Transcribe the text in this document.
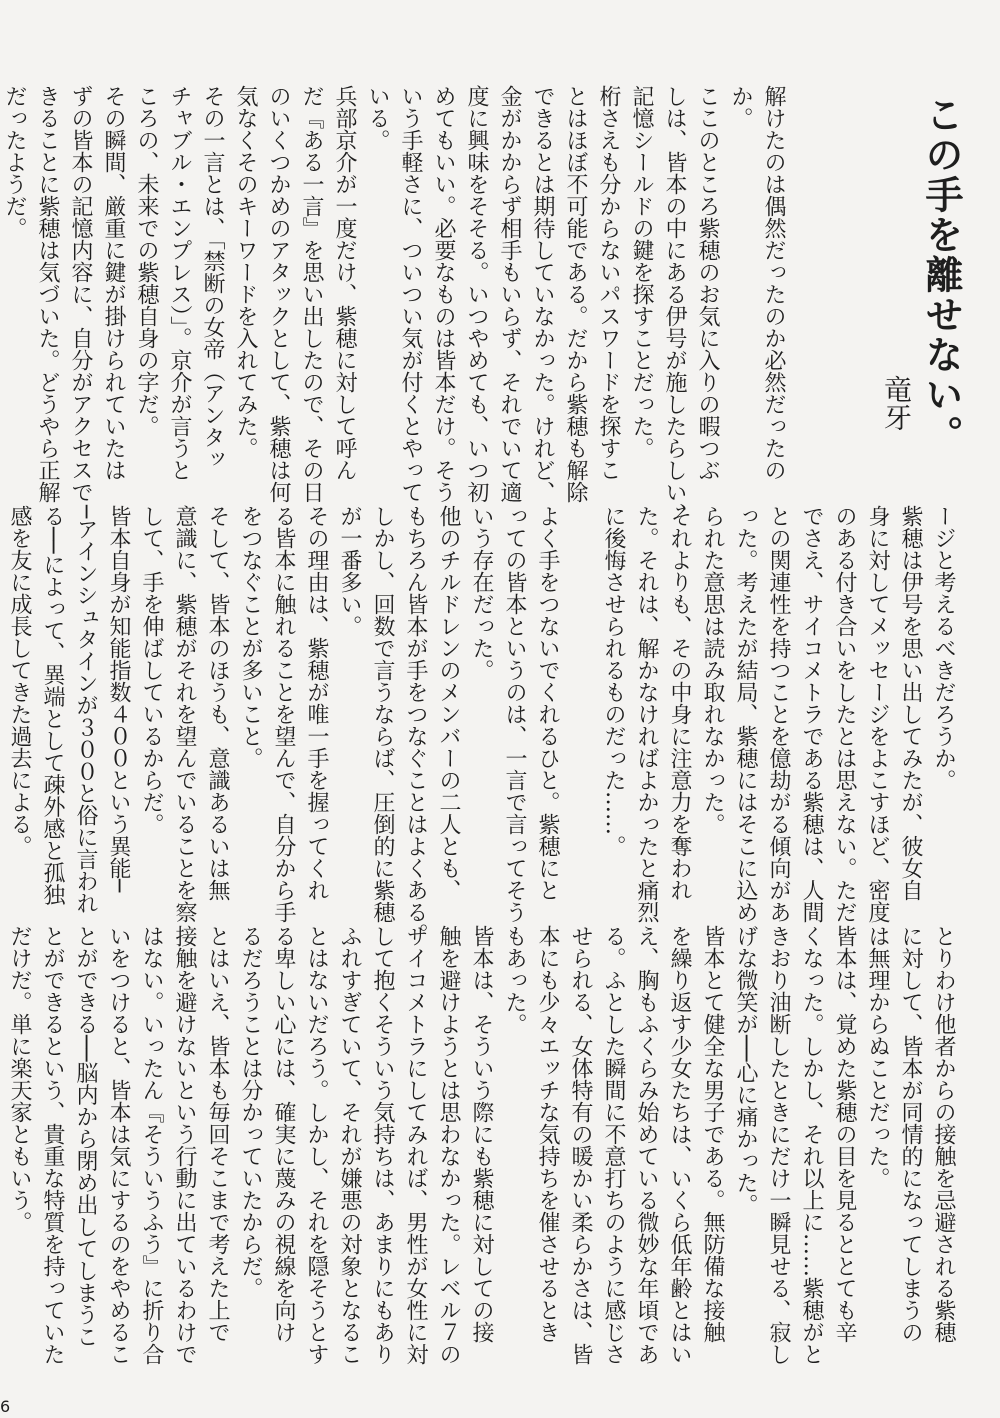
この手を離せない。

竜牙

解けたのは偶然だったのか必然だったの

か。

ここのところ紫穂のお気に入りの暇つぶ

しは、皆本の中にある伊号が施したらしい、

記憶シールドの鍵を探すことだった。

桁さえも分からないパスワードを探すこ

とはほぼ不可能である。だから紫穂も解除

できるとは期待していなかった。けれど、

金がかからず相手もいらず、それでいて適

度に興味をそそる。いつやめても、いつ初

めてもいい。必要なものは皆本だけ。そう

いう手軽さに、ついつい気が付くとやって

いる。

兵部京介が一度だけ、紫穂に対して呼ん

だ『ある一言』を思い出したので、その日

のいくつかめのアタックとして、紫穂は何

気なくそのキーワードを入れてみた。

その一言とは、「禁断の女帝（アンタッ

チャブル・エンプレス）」。京介が言うと

ころの、未来での紫穂自身の字だ。

その瞬間、厳重に鍵が掛けられていたは

ずの皆本の記憶内容に、自分がアクセスで

きることに紫穂は気づいた。どうやら正解

だったようだ。

ージと考えるべきだろうか。

紫穂は伊号を思い出してみたが、彼女自

身に対してメッセージをよこすほど、密度

のある付き合いをしたとは思えない。ただ

でさえ、サイコメトラである紫穂は、人間

との関連性を持つことを億劫がる傾向があ

った。考えたが結局、紫穂にはそこに込め

られた意思は読み取れなかった。

それよりも、その中身に注意力を奪われ

た。それは、解かなければよかったと痛烈

に後悔させられるものだった……。

よく手をつないでくれるひと。紫穂にと

っての皆本というのは、一言で言ってそう

いう存在だった。

他のチルドレンのメンバーの二人とも、

もちろん皆本が手をつなぐことはよくある。

しかし、回数で言うならば、圧倒的に紫穂

が一番多い。

その理由は、紫穂が唯一手を握ってくれ

る皆本に触れることを望んで、自分から手

をつなぐことが多いこと。

そして、皆本のほうも、意識あるいは無

意識に、紫穂がそれを望んでいることを察

して、手を伸ばしているからだ。

皆本自身が知能指数４００という異能─

─アインシュタインが３００と俗に言われ

る──によって、異端として疎外感と孤独

感を友に成長してきた過去による。

とりわけ他者からの接触を忌避される紫穂

に対して、皆本が同情的になってしまうの

は無理からぬことだった。

皆本は、覚めた紫穂の目を見るととても辛

くなった。しかし、それ以上に……紫穂がと

きおり油断したときにだけ一瞬見せる、寂し

げな微笑が──心に痛かった。

皆本とて健全な男子である。無防備な接触

を繰り返す少女たちは、いくら低年齢とはい

え、胸もふくらみ始めている微妙な年頃であ

る。ふとした瞬間に不意打ちのように感じさ

せられる、女体特有の暖かい柔らかさは、皆

本にも少々エッチな気持ちを催させるとき

もあった。

皆本は、そういう際にも紫穂に対しての接

触を避けようとは思わなかった。レベル７の

サイコメトラにしてみれば、男性が女性に対

して抱くそういう気持ちは、あまりにもあり

ふれすぎていて、それが嫌悪の対象となるこ

とはないだろう。しかし、それを隠そうとす

る卑しい心には、確実に蔑みの視線を向け

るだろうことは分かっていたからだ。

とはいえ、皆本も毎回そこまで考えた上で

接触を避けないという行動に出ているわけで

はない。いったん『そういうふう』に折り合

いをつけると、皆本は気にするのをやめるこ

とができる──脳内から閉め出してしまうこ

とができるという、貴重な特質を持っていた

だけだ。単に楽天家ともいう。

6
